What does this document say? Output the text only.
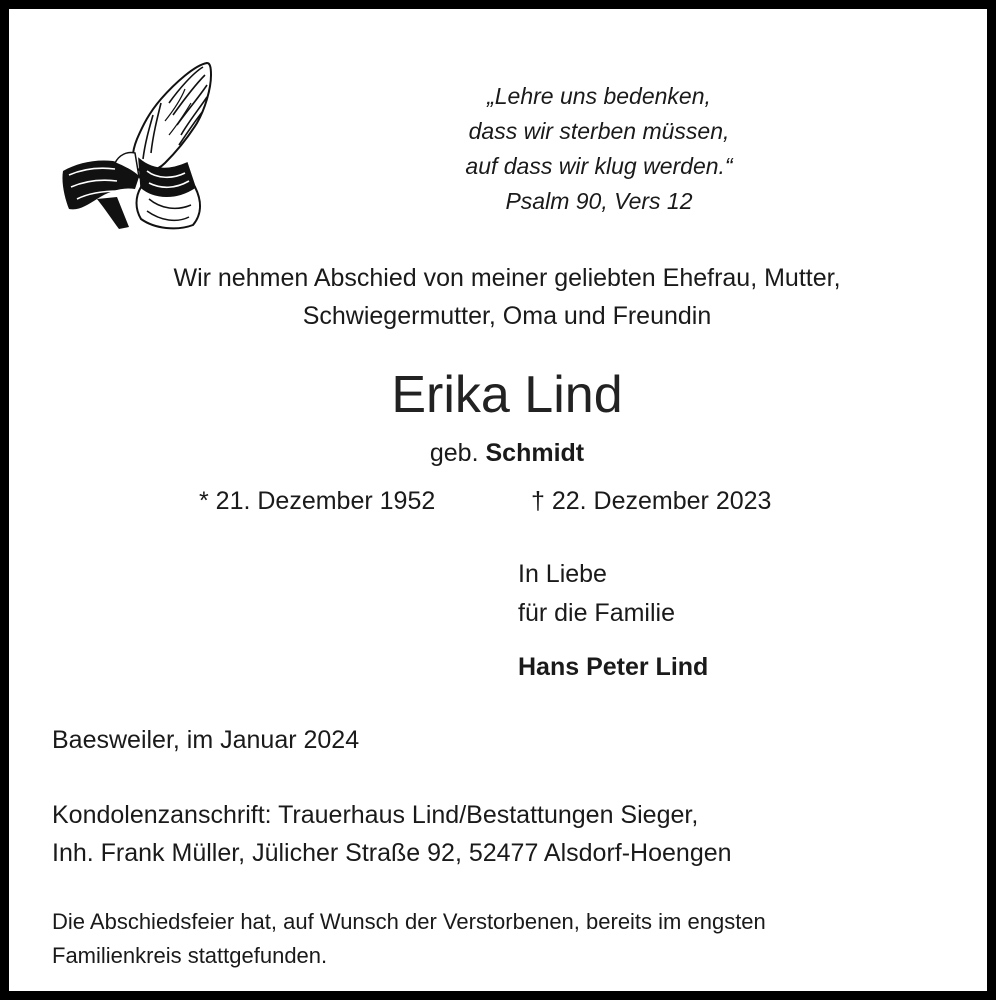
„Lehre uns bedenken,
dass wir sterben müssen,
auf dass wir klug werden.“
Psalm 90, Vers 12
Wir nehmen Abschied von meiner geliebten Ehefrau, Mutter,
Schwiegermutter, Oma und Freundin
Erika Lind
geb. Schmidt
* 21. Dezember 1952	† 22. Dezember 2023
In Liebe
für die Familie
Hans Peter Lind
Baesweiler, im Januar 2024
Kondolenzanschrift: Trauerhaus Lind/Bestattungen Sieger,
Inh. Frank Müller, Jülicher Straße 92, 52477 Alsdorf-Hoengen
Die Abschiedsfeier hat, auf Wunsch der Verstorbenen, bereits im engsten
Familienkreis stattgefunden.
